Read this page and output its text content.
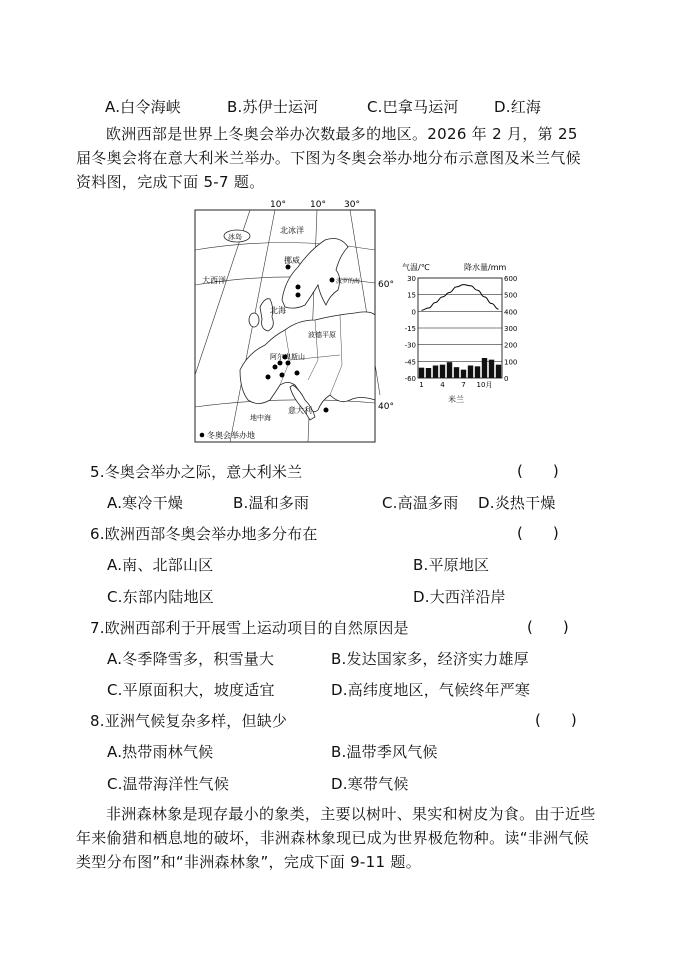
A.白令海峡	B.苏伊士运河	C.巴拿马运河 D.红海
欧洲西部是世界上冬奥会举办次数最多的地区。2026 年 2 月，第 25 届冬奥会将在意大利米兰举办。下图为冬奥会举办地分布示意图及米兰气候资料图，完成下面 5-7 题。
10°	10° 30°
60°
40°
北冰洋
冰岛
挪威
大西洋
北海
波罗的海
波德平原
阿尔卑斯山
意大利
地中海
冬奥会举办地
气温/℃	降水量/mm
30
15
0
-15
-30
-45
-60
600
500
400
300
200
100
0
1 4 7 10月
米兰
5.冬奥会举办之际，意大利米兰	(　　)
A.寒冷干燥	B.温和多雨	C.高温多雨 D.炎热干燥
6.欧洲西部冬奥会举办地多分布在	(　　)
A.南、北部山区	B.平原地区
C.东部内陆地区	D.大西洋沿岸
7.欧洲西部利于开展雪上运动项目的自然原因是	(　　)
A.冬季降雪多，积雪量大	B.发达国家多，经济实力雄厚
C.平原面积大，坡度适宜	D.高纬度地区，气候终年严寒
8.亚洲气候复杂多样，但缺少	(　　)
A.热带雨林气候	B.温带季风气候
C.温带海洋性气候	D.寒带气候
非洲森林象是现存最小的象类，主要以树叶、果实和树皮为食。由于近些年来偷猎和栖息地的破坏，非洲森林象现已成为世界极危物种。读“非洲气候类型分布图”和“非洲森林象”，完成下面 9-11 题。
